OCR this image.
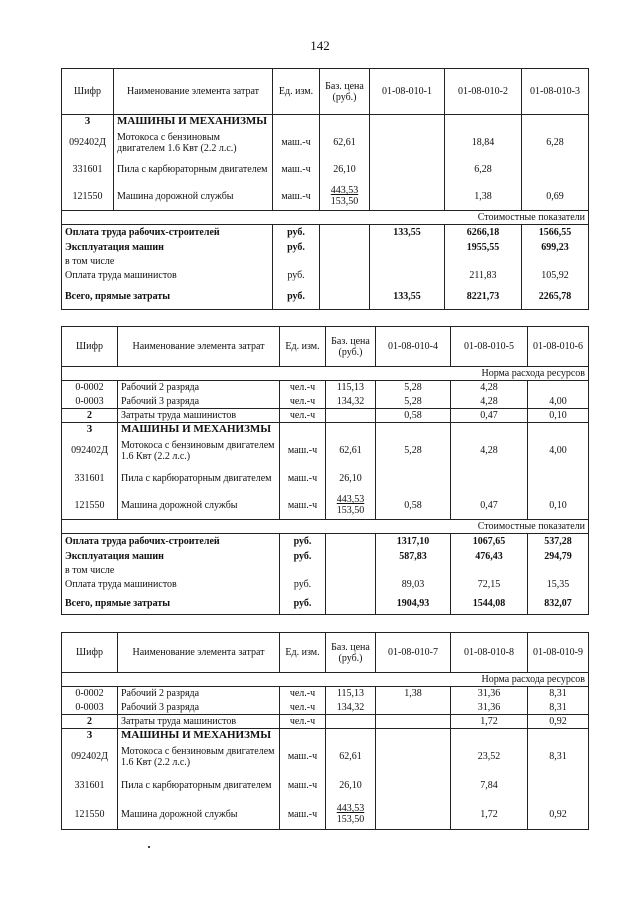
142
Шифр	Наименование элемента затрат	Ед. изм.	Баз. цена (руб.)	01-08-010-1	01-08-010-2	01-08-010-3
3	МАШИНЫ И МЕХАНИЗМЫ					
092402Д	Мотокоса с бензиновым двигателем 1.6 Квт (2.2 л.с.)	маш.-ч	62,61		18,84	6,28
331601	Пила с карбюраторным двигателем	маш.-ч	26,10		6,28	
121550	Машина дорожной службы	маш.-ч	$\frac{443,53}{153,50}$		1,38	0,69
Стоимостные показатели						
Оплата труда рабочих-строителей		руб.		133,55	6266,18	1566,55
Эксплуатация машин		руб.			1955,55	699,23
в том числе						
Оплата труда машинистов		руб.			211,83	105,92
Всего, прямые затраты		руб.		133,55	8221,73	2265,78
Шифр	Наименование элемента затрат	Ед. изм.	Баз. цена (руб.)	01-08-010-4	01-08-010-5	01-08-010-6
Норма расхода ресурсов						
0-0002	Рабочий 2 разряда	чел.-ч	115,13	5,28	4,28	
0-0003	Рабочий 3 разряда	чел.-ч	134,32	5,28	4,28	4,00
2	Затраты труда машинистов	чел.-ч		0,58	0,47	0,10
3	МАШИНЫ И МЕХАНИЗМЫ					
092402Д	Мотокоса с бензиновым двигателем 1.6 Квт (2.2 л.с.)	маш.-ч	62,61	5,28	4,28	4,00
331601	Пила с карбюраторным двигателем	маш.-ч	26,10			
121550	Машина дорожной службы	маш.-ч	$\frac{443,53}{153,50}$	0,58	0,47	0,10
Стоимостные показатели						
Оплата труда рабочих-строителей		руб.		1317,10	1067,65	537,28
Эксплуатация машин		руб.		587,83	476,43	294,79
в том числе						
Оплата труда машинистов		руб.		89,03	72,15	15,35
Всего, прямые затраты		руб.		1904,93	1544,08	832,07
Шифр	Наименование элемента затрат	Ед. изм.	Баз. цена (руб.)	01-08-010-7	01-08-010-8	01-08-010-9
Норма расхода ресурсов						
0-0002	Рабочий 2 разряда	чел.-ч	115,13	1,38	31,36	8,31
0-0003	Рабочий 3 разряда	чел.-ч	134,32		31,36	8,31
2	Затраты труда машинистов	чел.-ч			1,72	0,92
3	МАШИНЫ И МЕХАНИЗМЫ					
092402Д	Мотокоса с бензиновым двигателем 1.6 Квт (2.2 л.с.)	маш.-ч	62,61		23,52	8,31
331601	Пила с карбюраторным двигателем	маш.-ч	26,10		7,84	
121550	Машина дорожной службы	маш.-ч	$\frac{443,53}{153,50}$		1,72	0,92
